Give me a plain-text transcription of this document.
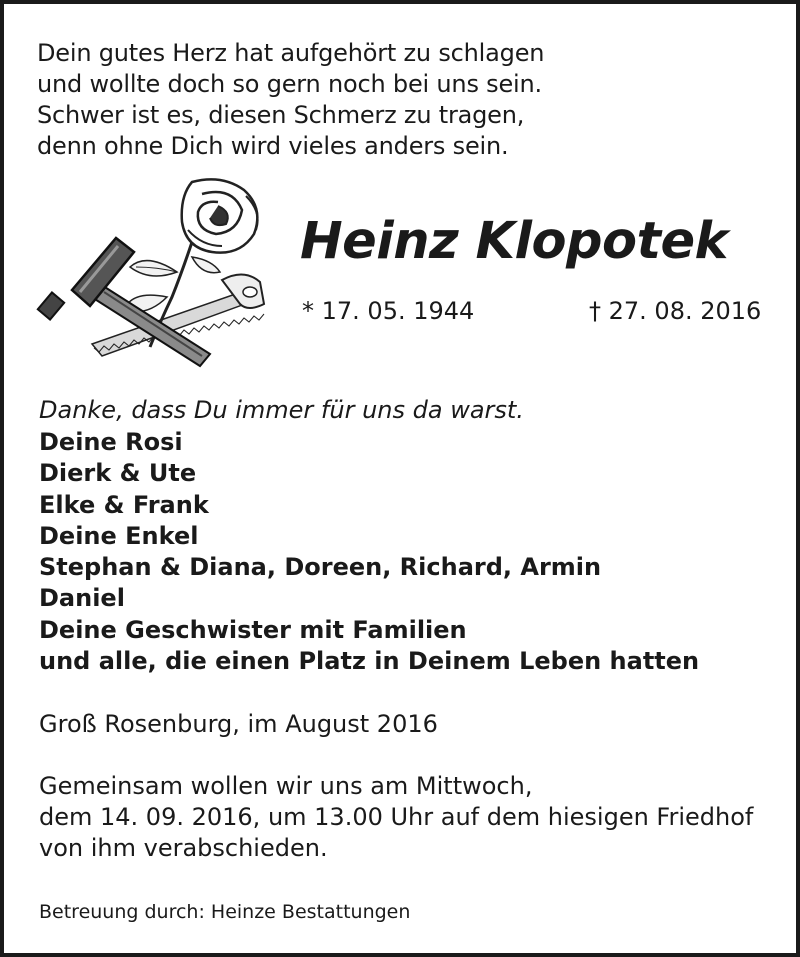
Dein gutes Herz hat aufgehört zu schlagen
und wollte doch so gern noch bei uns sein.
Schwer ist es, diesen Schmerz zu tragen,
denn ohne Dich wird vieles anders sein.
Heinz Klopotek
* 17. 05. 1944	† 27. 08. 2016
Danke, dass Du immer für uns da warst.
Deine Rosi
Dierk & Ute
Elke & Frank
Deine Enkel
Stephan & Diana, Doreen, Richard, Armin
Daniel
Deine Geschwister mit Familien
und alle, die einen Platz in Deinem Leben hatten
Groß Rosenburg, im August 2016
Gemeinsam wollen wir uns am Mittwoch,
dem 14. 09. 2016, um 13.00 Uhr auf dem hiesigen Friedhof
von ihm verabschieden.
Betreuung durch: Heinze Bestattungen
